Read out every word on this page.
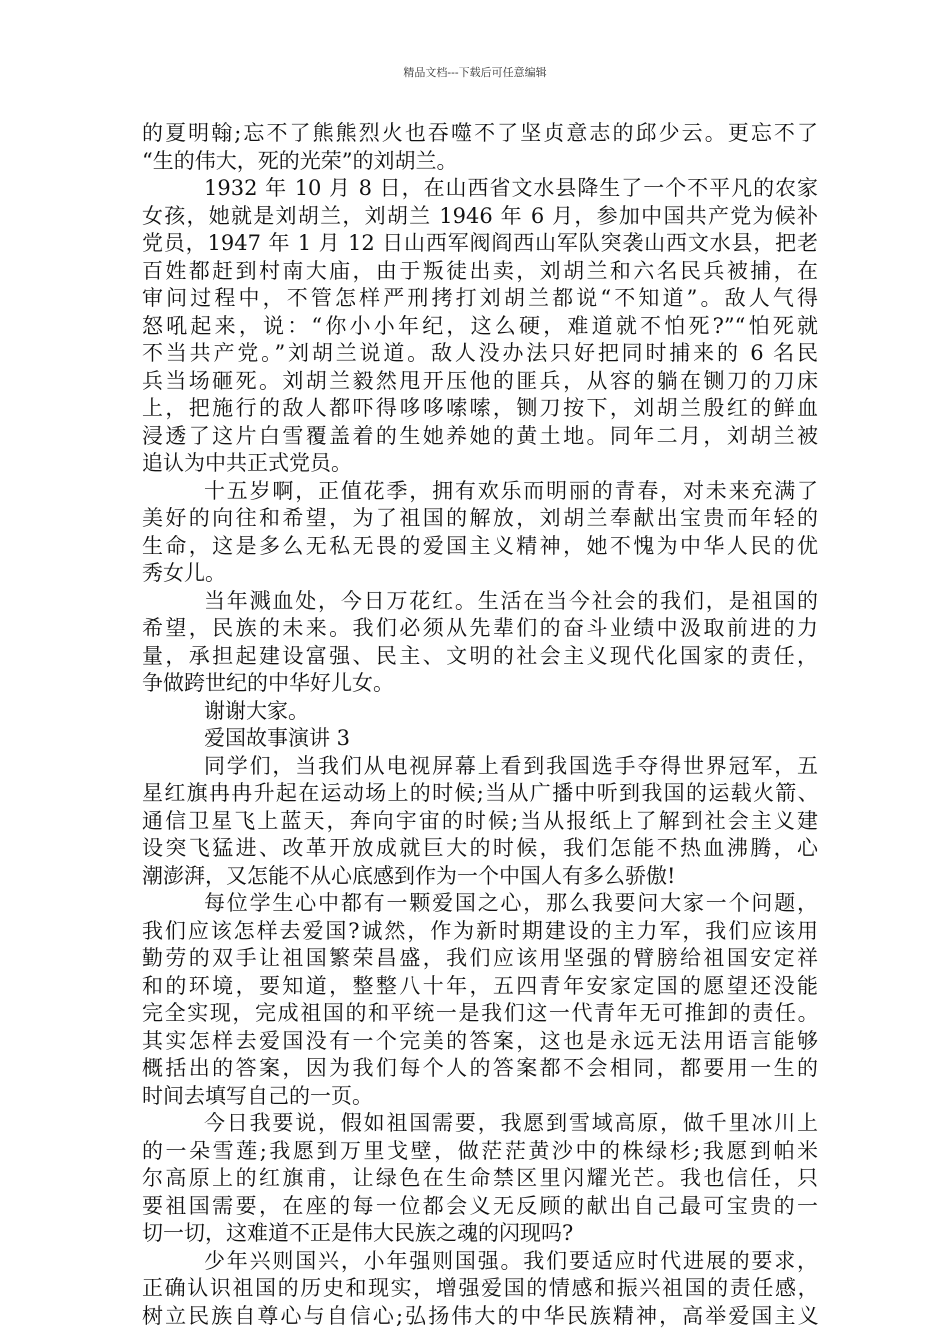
精品文档---下载后可任意编辑
的夏明翰;忘不了熊熊烈火也吞噬不了坚贞意志的邱少云。更忘不了
“生的伟大，死的光荣”的刘胡兰。
1932 年 10 月 8 日，在山西省文水县降生了一个不平凡的农家
女孩，她就是刘胡兰，刘胡兰 1946 年 6 月，参加中国共产党为候补
党员，1947 年 1 月 12 日山西军阀阎西山军队突袭山西文水县，把老
百姓都赶到村南大庙，由于叛徒出卖，刘胡兰和六名民兵被捕，在
审问过程中，不管怎样严刑拷打刘胡兰都说“不知道”。敌人气得
怒吼起来，说：“你小小年纪，这么硬，难道就不怕死?”“怕死就
不当共产党。”刘胡兰说道。敌人没办法只好把同时捕来的 6 名民
兵当场砸死。刘胡兰毅然甩开压他的匪兵，从容的躺在铡刀的刀床
上，把施行的敌人都吓得哆哆嗦嗦，铡刀按下，刘胡兰殷红的鲜血
浸透了这片白雪覆盖着的生她养她的黄土地。同年二月，刘胡兰被
追认为中共正式党员。
十五岁啊，正值花季，拥有欢乐而明丽的青春，对未来充满了
美好的向往和希望，为了祖国的解放，刘胡兰奉献出宝贵而年轻的
生命，这是多么无私无畏的爱国主义精神，她不愧为中华人民的优
秀女儿。
当年溅血处，今日万花红。生活在当今社会的我们，是祖国的
希望，民族的未来。我们必须从先辈们的奋斗业绩中汲取前进的力
量，承担起建设富强、民主、文明的社会主义现代化国家的责任，
争做跨世纪的中华好儿女。
谢谢大家。
爱国故事演讲 3
同学们，当我们从电视屏幕上看到我国选手夺得世界冠军，五
星红旗冉冉升起在运动场上的时候;当从广播中听到我国的运载火箭、
通信卫星飞上蓝天，奔向宇宙的时候;当从报纸上了解到社会主义建
设突飞猛进、改革开放成就巨大的时候，我们怎能不热血沸腾，心
潮澎湃，又怎能不从心底感到作为一个中国人有多么骄傲!
每位学生心中都有一颗爱国之心，那么我要问大家一个问题，
我们应该怎样去爱国?诚然，作为新时期建设的主力军，我们应该用
勤劳的双手让祖国繁荣昌盛，我们应该用坚强的臂膀给祖国安定祥
和的环境，要知道，整整八十年，五四青年安家定国的愿望还没能
完全实现，完成祖国的和平统一是我们这一代青年无可推卸的责任。
其实怎样去爱国没有一个完美的答案，这也是永远无法用语言能够
概括出的答案，因为我们每个人的答案都不会相同，都要用一生的
时间去填写自己的一页。
今日我要说，假如祖国需要，我愿到雪域高原，做千里冰川上
的一朵雪莲;我愿到万里戈壁，做茫茫黄沙中的株绿杉;我愿到帕米
尔高原上的红旗甫，让绿色在生命禁区里闪耀光芒。我也信任，只
要祖国需要，在座的每一位都会义无反顾的献出自己最可宝贵的一
切一切，这难道不正是伟大民族之魂的闪现吗?
少年兴则国兴，小年强则国强。我们要适应时代进展的要求，
正确认识祖国的历史和现实，增强爱国的情感和振兴祖国的责任感，
树立民族自尊心与自信心;弘扬伟大的中华民族精神，高举爱国主义
